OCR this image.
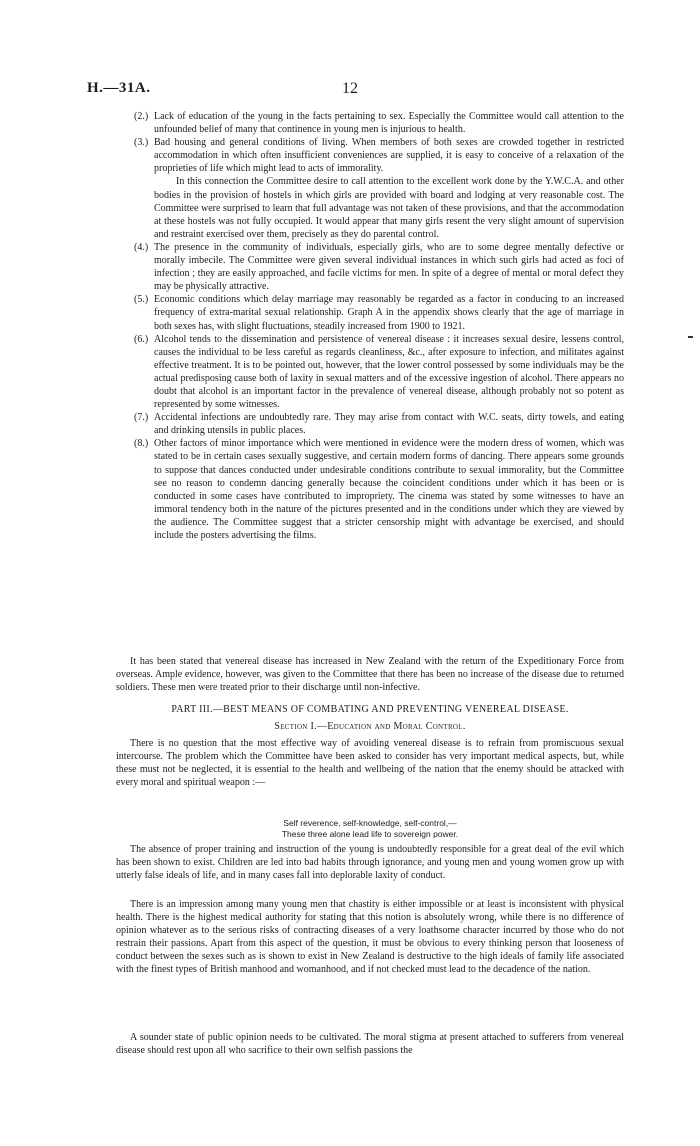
H.—31A.	12
(2.) Lack of education of the young in the facts pertaining to sex. Especially the Committee would call attention to the unfounded belief of many that continence in young men is injurious to health.
(3.) Bad housing and general conditions of living. When members of both sexes are crowded together in restricted accommodation in which often insufficient conveniences are supplied, it is easy to conceive of a relaxation of the proprieties of life which might lead to acts of immorality.
In this connection the Committee desire to call attention to the excellent work done by the Y.W.C.A. and other bodies in the provision of hostels in which girls are provided with board and lodging at very reasonable cost. The Committee were surprised to learn that full advantage was not taken of these provisions, and that the accommodation at these hostels was not fully occupied. It would appear that many girls resent the very slight amount of supervision and restraint exercised over them, precisely as they do parental control.
(4.) The presence in the community of individuals, especially girls, who are to some degree mentally defective or morally imbecile. The Committee were given several individual instances in which such girls had acted as foci of infection ; they are easily approached, and facile victims for men. In spite of a degree of mental or moral defect they may be physically attractive.
(5.) Economic conditions which delay marriage may reasonably be regarded as a factor in conducing to an increased frequency of extra-marital sexual relationship. Graph A in the appendix shows clearly that the age of marriage in both sexes has, with slight fluctuations, steadily increased from 1900 to 1921.
(6.) Alcohol tends to the dissemination and persistence of venereal disease : it increases sexual desire, lessens control, causes the individual to be less careful as regards cleanliness, &c., after exposure to infection, and militates against effective treatment. It is to be pointed out, however, that the lower control possessed by some individuals may be the actual predisposing cause both of laxity in sexual matters and of the excessive ingestion of alcohol. There appears no doubt that alcohol is an important factor in the prevalence of venereal disease, although probably not so potent as represented by some witnesses.
(7.) Accidental infections are undoubtedly rare. They may arise from contact with W.C. seats, dirty towels, and eating and drinking utensils in public places.
(8.) Other factors of minor importance which were mentioned in evidence were the modern dress of women, which was stated to be in certain cases sexually suggestive, and certain modern forms of dancing. There appears some grounds to suppose that dances conducted under undesirable conditions contribute to sexual immorality, but the Committee see no reason to condemn dancing generally because the coincident conditions under which it has been or is conducted in some cases have contributed to impropriety. The cinema was stated by some witnesses to have an immoral tendency both in the nature of the pictures presented and in the conditions under which they are viewed by the audience. The Committee suggest that a stricter censorship might with advantage be exercised, and should include the posters advertising the films.
It has been stated that venereal disease has increased in New Zealand with the return of the Expeditionary Force from overseas. Ample evidence, however, was given to the Committee that there has been no increase of the disease due to returned soldiers. These men were treated prior to their discharge until non-infective.
PART III.—BEST MEANS OF COMBATING AND PREVENTING VENEREAL DISEASE.
Section I.—Education and Moral Control.
There is no question that the most effective way of avoiding venereal disease is to refrain from promiscuous sexual intercourse. The problem which the Committee have been asked to consider has very important medical aspects, but, while these must not be neglected, it is essential to the health and wellbeing of the nation that the enemy should be attacked with every moral and spiritual weapon :—
Self reverence, self-knowledge, self-control,—
These three alone lead life to sovereign power.
The absence of proper training and instruction of the young is undoubtedly responsible for a great deal of the evil which has been shown to exist. Children are led into bad habits through ignorance, and young men and young women grow up with utterly false ideals of life, and in many cases fall into deplorable laxity of conduct.
There is an impression among many young men that chastity is either impossible or at least is inconsistent with physical health. There is the highest medical authority for stating that this notion is absolutely wrong, while there is no difference of opinion whatever as to the serious risks of contracting diseases of a very loathsome character incurred by those who do not restrain their passions. Apart from this aspect of the question, it must be obvious to every thinking person that looseness of conduct between the sexes such as is shown to exist in New Zealand is destructive to the high ideals of family life associated with the finest types of British manhood and womanhood, and if not checked must lead to the decadence of the nation.
A sounder state of public opinion needs to be cultivated. The moral stigma at present attached to sufferers from venereal disease should rest upon all who sacrifice to their own selfish passions the
